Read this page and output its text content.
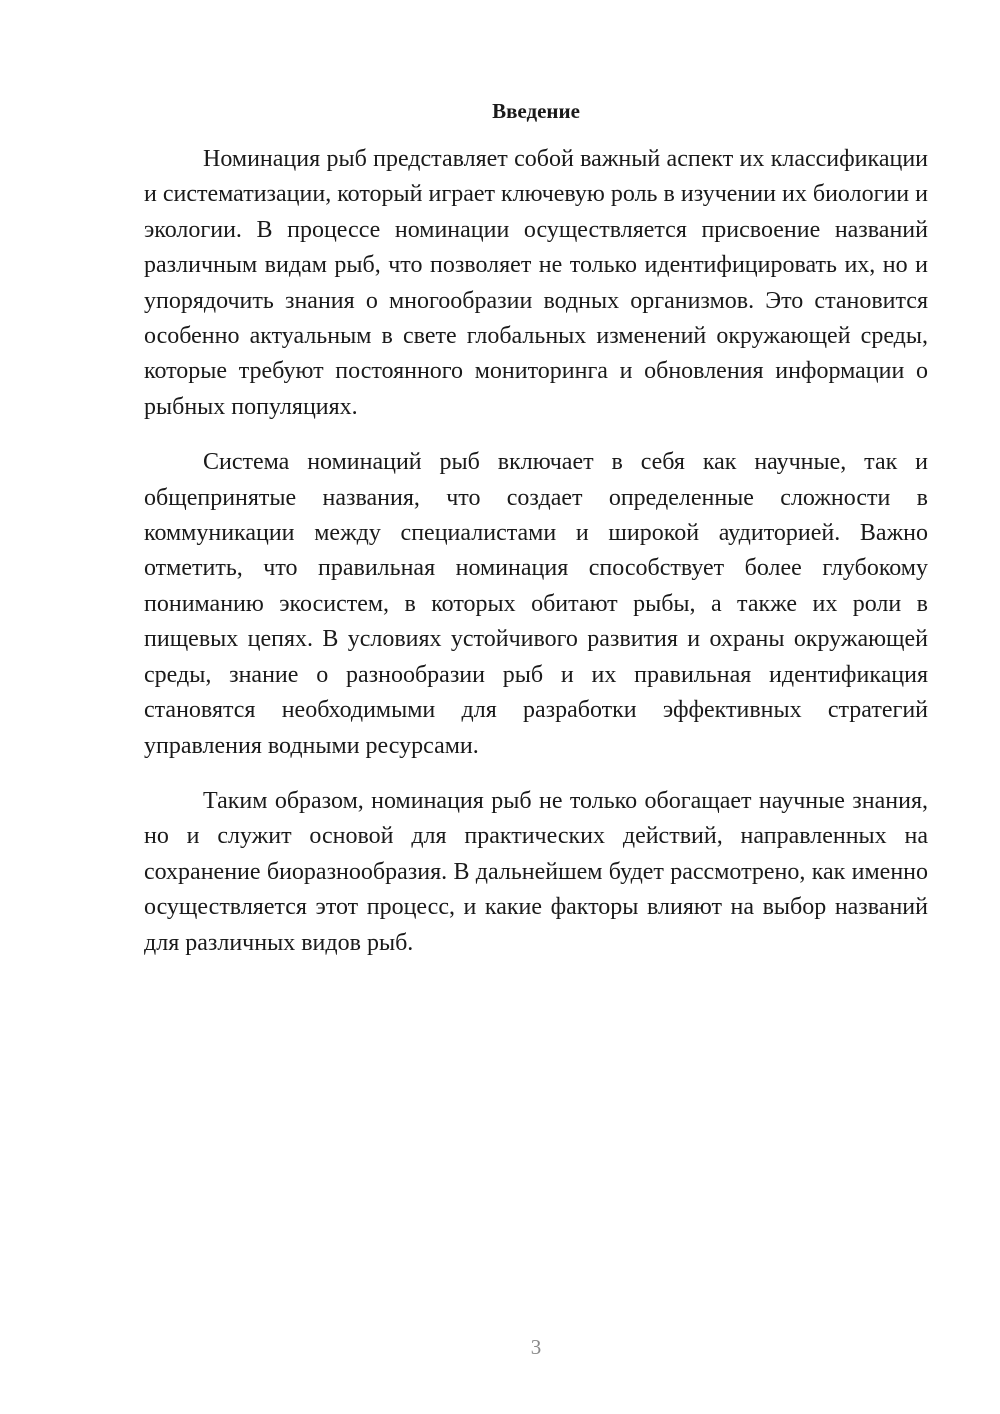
Введение

Номинация рыб представляет собой важный аспект их классификации и систематизации, который играет ключевую роль в изучении их биологии и экологии. В процессе номинации осуществляется присвоение названий различным видам рыб, что позволяет не только идентифицировать их, но и упорядочить знания о многообразии водных организмов. Это становится особенно актуальным в свете глобальных изменений окружающей среды, которые требуют постоянного мониторинга и обновления информации о рыбных популяциях.

Система номинаций рыб включает в себя как научные, так и общепринятые названия, что создает определенные сложности в коммуникации между специалистами и широкой аудиторией. Важно отметить, что правильная номинация способствует более глубокому пониманию экосистем, в которых обитают рыбы, а также их роли в пищевых цепях. В условиях устойчивого развития и охраны окружающей среды, знание о разнообразии рыб и их правильная идентификация становятся необходимыми для разработки эффективных стратегий управления водными ресурсами.

Таким образом, номинация рыб не только обогащает научные знания, но и служит основой для практических действий, направленных на сохранение биоразнообразия. В дальнейшем будет рассмотрено, как именно осуществляется этот процесс, и какие факторы влияют на выбор названий для различных видов рыб.

3
